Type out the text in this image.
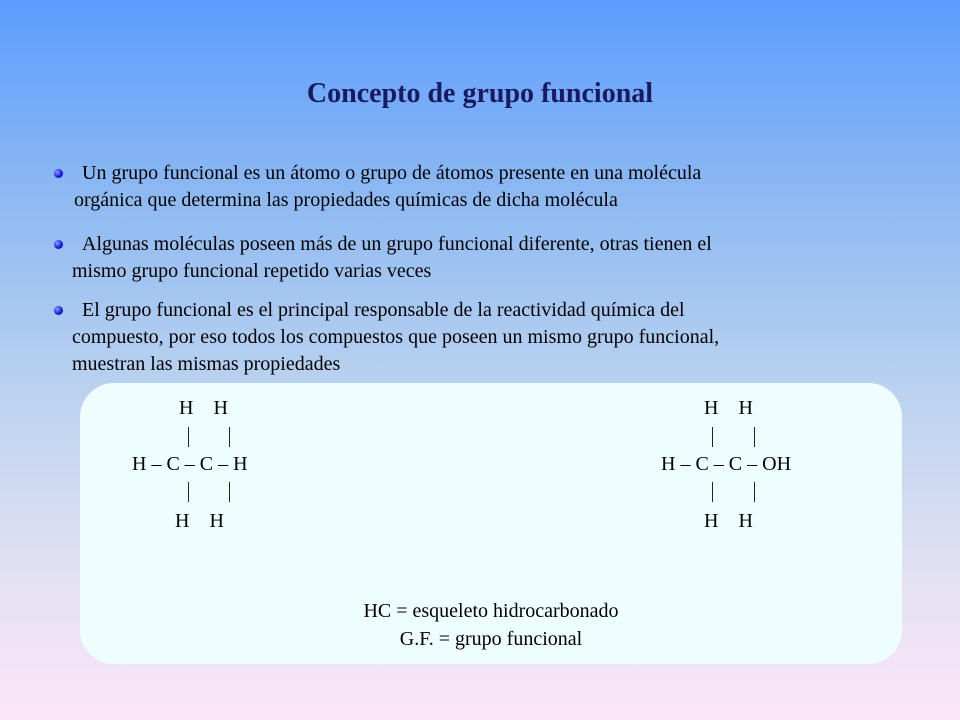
Concepto de grupo funcional

Un grupo funcional es un átomo o grupo de átomos presente en una molécula
orgánica que determina las propiedades químicas de dicha molécula

Algunas moléculas poseen más de un grupo funcional diferente, otras tienen el
mismo grupo funcional repetido varias veces

El grupo funcional es el principal responsable de la reactividad química del
compuesto, por eso todos los compuestos que poseen un mismo grupo funcional,
muestran las mismas propiedades

H    H

H – C – C – H

H    H

H    H

H – C – C – OH

H    H

HC = esqueleto hidrocarbonado
G.F. = grupo funcional
